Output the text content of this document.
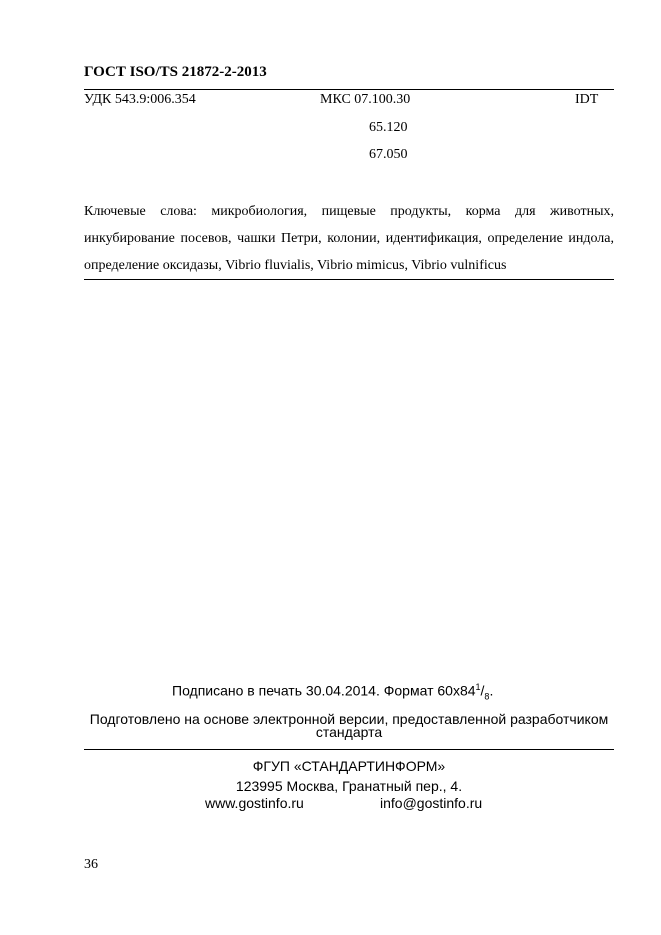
ГОСТ ISO/TS 21872-2-2013
УДК 543.9:006.354	МКС 07.100.30	IDT
65.120
67.050
Ключевые слова: микробиология, пищевые продукты, корма для животных, инкубирование посевов, чашки Петри, колонии, идентификация, определение индола, определение оксидазы, Vibrio fluvialis, Vibrio mimicus, Vibrio vulnificus
Подписано в печать 30.04.2014. Формат $60x84^1/_8$.
Подготовлено на основе электронной версии, предоставленной разработчиком стандарта
ФГУП «СТАНДАРТИНФОРМ»
123995 Москва, Гранатный пер., 4.
www.gostinfo.ru	info@gostinfo.ru
36
